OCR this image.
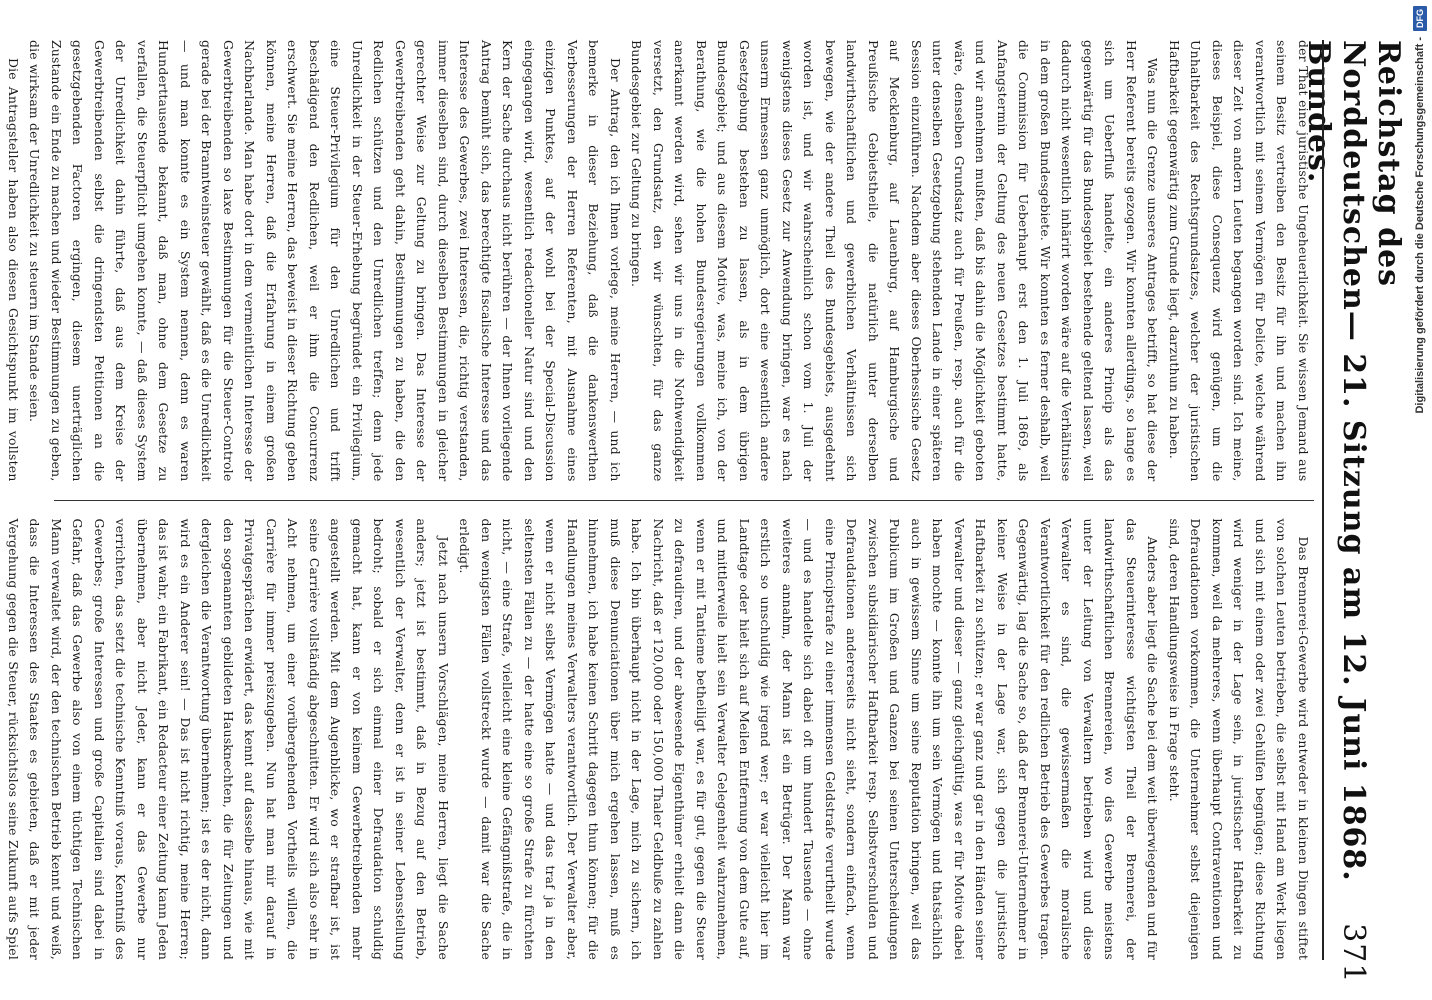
Reichstag des Norddeutschen Bundes.
— 21. Sitzung am 12. Juni 1868. 371

der That eine juristische Ungeheuerlichkeit. Sie wissen Jemand aus seinem Besitz vertreiben den Besitz für ihn und machen ihn verantwortlich mit seinem Vermögen für Delicte, welche während dieser Zeit von andern Leuten begangen worden sind. Ich meine, dieses Beispiel, diese Consequenz wird genügen, um die Unhaltbarkeit des Rechtsgrundsatzes, welcher der juristischen Haftbarkeit gegenwärtig zum Grunde liegt, darzuthun zu haben.

Was nun die Grenze unseres Antrages betrifft, so hat diese der Herr Referent bereits gezogen. Wir konnten allerdings, so lange es sich um Ueberfluß handelte, ein anderes Princip als das gegenwärtig für das Bundesgebiet bestehende geltend lassen, weil dadurch nicht wesentlich inhärirt worden wäre auf die Verhältnisse in dem großen Bundesgebiete. Wir konnten es ferner deshalb, weil die Commission für Ueberhaupt erst den 1. Juli 1869, als Anfangstermin der Geltung des neuen Gesetzes bestimmt hatte, und wir annehmen mußten, daß bis dahin die Möglichkeit geboten wäre, denselben Grundsatz auch für Preußen, resp. auch für die unter denselben Gesetzgebung stehenden Lande in einer späteren Session einzuführen. Nachdem aber dieses Oberhessische Gesetz auf Mecklenburg, auf Lauenburg, auf Hamburgische und Preußische Gebietstheile, die natürlich unter derselben landwirthschaftlichen und gewerblichen Verhältnissen sich bewegen, wie der andere Theil des Bundesgebiets, ausgedehnt worden ist, und wir wahrscheinlich schon vom 1. Juli der wenigstens dieses Gesetz zur Anwendung bringen, war es nach unserm Ermessen ganz unmöglich, dort eine wesentlich andere Gesetzgebung bestehen zu lassen, als in dem übrigen Bundesgebiet; und aus diesem Motive, was, meine ich, von der Berathung, wie die hohen Bundesregierungen vollkommen anerkannt werden wird, sehen wir uns in die Nothwendigkeit versetzt, den Grundsatz, den wir wünschten, für das ganze Bundesgebiet zur Geltung zu bringen.

Der Antrag, den ich Ihnen vorlege, meine Herren, — und ich bemerke in dieser Beziehung, daß die dankenswerthen Verbesserungen der Herren Referenten, mit Ausnahme eines einzigen Punktes, auf der wohl bei der Special-Discussion eingegangen wird, wesentlich redactioneller Natur sind und den Kern der Sache durchaus nicht berühren — der Ihnen vorliegende Antrag bemüht sich, das berechtigte fiscalische Interesse und das Interesse des Gewerbes, zwei Interessen, die, richtig verstanden, immer dieselben sind, durch dieselben Bestimmungen in gleicher gerechter Weise zur Geltung zu bringen. Das Interesse der Gewerbtreibenden geht dahin, Bestimmungen zu haben, die den Redlichen schützen und den Unredlichen treffen; denn jede Unredlichkeit in der Steuer-Erhebung begründet ein Privilegium, eine Steuer-Privilegium für den Unredlichen und trifft beschädigend den Redlichen, weil er ihm die Concurrenz erschwert. Sie meine Herren, das beweist in dieser Richtung geben können, meine Herren, daß die Erfahrung in einem großen Nachbarlande. Man habe dort in dem vermeintlichen Interesse der Gewerbtreibenden so laxe Bestimmungen für die Steuer-Controle gerade bei der Branntweinsteuer gewählt, daß es die Unredlichkeit — und man konnte es ein System nennen, denn es waren Hunderttausende bekannt, daß man, ohne dem Gesetze zu verfallen, die Steuerpflicht umgehen konnte, — daß dieses System der Unredlichkeit dahin führte, daß aus dem Kreise der Gewerbtreibenden selbst die dringendsten Petitionen an die gesetzgebenden Factoren ergingen, diesem unerträglichen Zustande ein Ende zu machen und wieder Bestimmungen zu geben, die wirksam der Unredlichkeit zu steuern im Stande seien.

Die Antragsteller haben also diesen Gesichtspunkt im vollsten

Das Brennerei-Gewerbe wird entweder in kleinen Dingen stiftet von solchen Leuten betrieben, die selbst mit Hand am Werk liegen und sich mit einem oder zwei Gehülfen begnügen; diese Richtung wird weniger in der Lage sein, in juristischer Haftbarkeit zu kommen, weil da mehreres, wenn überhaupt Contraventionen und Defraudationen vorkommen, die Unternehmer selbst diejenigen sind, deren Handlungsweise in Frage steht.

Anders aber liegt die Sache bei dem weit überwiegenden und für das Steuerinteresse wichtigsten Theil der Brennerei, der landwirthschaftlichen Brennereien, wo dies Gewerbe meistens unter der Leitung von Verwaltern betrieben wird und diese Verwalter es sind, die gewissermaßen die moralische Verantwortlichkeit für den redlichen Betrieb des Gewerbes tragen. Gegenwärtig, lag die Sache so, daß der Brennerei-Unternehmer in keiner Weise in der Lage war, sich gegen die juristische Haftbarkeit zu schützen; er war ganz und gar in den Händen seiner Verwalter und dieser — ganz gleichgültig, was er für Motive dabei haben mochte — konnte ihn um sein Vermögen und thatsächlich auch in gewissem Sinne um seine Reputation bringen, weil das Publicum im Großen und Ganzen bei seinen Unterscheidungen zwischen subsidiarischer Haftbarkeit resp. Selbstverschulden und Defraudationen andererseits nicht sieht, sondern einfach, wenn eine Principstrafe zu einer immensen Geldstrafe verurtheilt wurde — und es handelte sich dabei oft um hundert Tausende — ohne weiteres annahm, der Mann ist ein Betrüger. Der Mann war erstlich so unschuldig wie irgend wer; er war vielleicht hier im Landtage oder hielt sich auf Meilen Entfernung von dem Gute auf, und mittlerweile hielt sein Verwalter Gelegenheit wahrzunehmen, wenn er mit Tantieme betheiligt war, es für gut, gegen die Steuer zu defraudiren, und der abwesende Eigenthümer erhielt dann die Nachricht, daß er 120,000 oder 150,000 Thaler Geldbuße zu zahlen habe. Ich bin überhaupt nicht in der Lage, mich zu sichern, ich muß diese Denunciationen über mich ergehen lassen, muß es hinnehmen, ich habe keinen Schritt dagegen thun können; für die Handlungen meines Verwalters verantwortlich. Der Verwalter aber, wenn er nicht selbst Vermögen hatte — und das traf ja in den seltensten Fällen zu — der hatte eine so große Strafe zu fürchten nicht, — eine Strafe, vielleicht eine kleine Gefängnißstrafe, die in den wenigsten Fällen vollstreckt wurde — damit war die Sache erledigt.

Jetzt nach unsern Vorschlägen, meine Herren, liegt die Sache anders; jetzt ist bestimmt, daß in Bezug auf den Betrieb, wesentlich der Verwalter, denn er ist in seiner Lebensstellung bedroht; sobald er sich einmal einer Defraudation schuldig gemacht hat, kann er von keinem Gewerbetreibenden mehr angestellt werden. Mit dem Augenblicke, wo er strafbar ist, ist seine Carrière vollständig abgeschnitten. Er wird sich also sehr in Acht nehmen, um einer vorübergehenden Vortheils willen, die Carrière für immer preiszugeben. Nun hat man mir darauf in Privatgesprächen erwidert, das kennt auf dasselbe hinaus, wie mit den sogenannten gebildeten Hausknechten, die für Zeitungen und dergleichen die Verantwortung übernehmen; ist es der nicht, dann wird es ein Anderer sein! — Das ist nicht richtig, meine Herren; das ist wahr, ein Fabrikant, ein Redacteur einer Zeitung kann Jeden übernehmen, aber nicht Jeder, kann er das Gewerbe nur verrichten, das setzt die technische Kenntniß voraus, Kenntniß des Gewerbes; große Interessen und große Capitalien sind dabei in Gefahr, daß das Gewerbe also von einem tüchtigen Technischen Mann verwaltet wird, der den technischen Betrieb kennt und weiß, dass die Interessen des Staates es gebieten, daß er mit jeder Vergehung gegen die Steuer, rücksichtslos seine Zukunft aufs Spiel

Digitalisierung gefördert durch die Deutsche Forschungsgemeinschaft -
DFG
